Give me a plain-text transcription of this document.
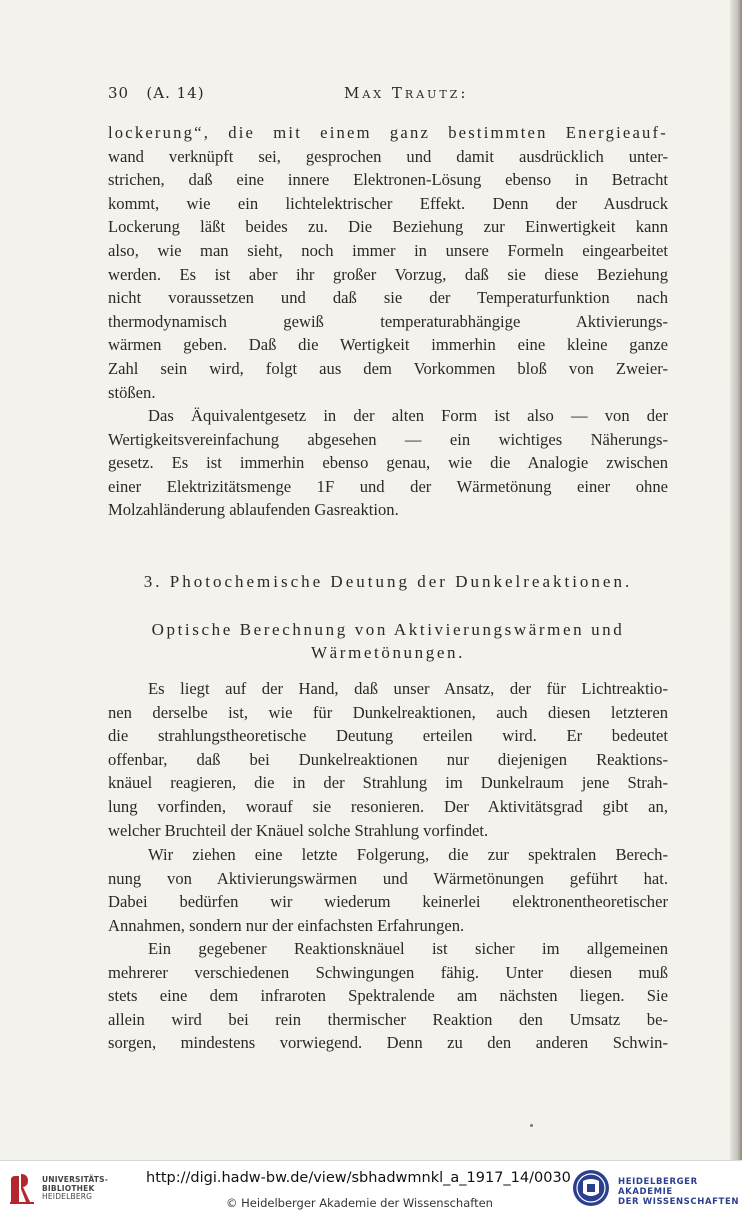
30 (A. 14)	Max Trautz:
lockerung“, die mit einem ganz bestimmten Energieauf-
wand verknüpft sei, gesprochen und damit ausdrücklich unter-
strichen, daß eine innere Elektronen-Lösung ebenso in Betracht
kommt, wie ein lichtelektrischer Effekt. Denn der Ausdruck
Lockerung läßt beides zu. Die Beziehung zur Einwertigkeit kann
also, wie man sieht, noch immer in unsere Formeln eingearbeitet
werden. Es ist aber ihr großer Vorzug, daß sie diese Beziehung
nicht voraussetzen und daß sie der Temperaturfunktion nach
thermodynamisch gewiß temperaturabhängige Aktivierungs-
wärmen geben. Daß die Wertigkeit immerhin eine kleine ganze
Zahl sein wird, folgt aus dem Vorkommen bloß von Zweier-
stößen.
Das Äquivalentgesetz in der alten Form ist also — von der
Wertigkeitsvereinfachung abgesehen — ein wichtiges Näherungs-
gesetz. Es ist immerhin ebenso genau, wie die Analogie zwischen
einer Elektrizitätsmenge 1F und der Wärmetönung einer ohne
Molzahländerung ablaufenden Gasreaktion.
3. Photochemische Deutung der Dunkelreaktionen.
Optische Berechnung von Aktivierungswärmen und
Wärmetönungen.
Es liegt auf der Hand, daß unser Ansatz, der für Lichtreaktio-
nen derselbe ist, wie für Dunkelreaktionen, auch diesen letzteren
die strahlungstheoretische Deutung erteilen wird. Er bedeutet
offenbar, daß bei Dunkelreaktionen nur diejenigen Reaktions-
knäuel reagieren, die in der Strahlung im Dunkelraum jene Strah-
lung vorfinden, worauf sie resonieren. Der Aktivitätsgrad gibt an,
welcher Bruchteil der Knäuel solche Strahlung vorfindet.
Wir ziehen eine letzte Folgerung, die zur spektralen Berech-
nung von Aktivierungswärmen und Wärmetönungen geführt hat.
Dabei bedürfen wir wiederum keinerlei elektronentheoretischer
Annahmen, sondern nur der einfachsten Erfahrungen.
Ein gegebener Reaktionsknäuel ist sicher im allgemeinen
mehrerer verschiedenen Schwingungen fähig. Unter diesen muß
stets eine dem infraroten Spektralende am nächsten liegen. Sie
allein wird bei rein thermischer Reaktion den Umsatz be-
sorgen, mindestens vorwiegend. Denn zu den anderen Schwin-
UNIVERSITÄTS-
BIBLIOTHEK
HEIDELBERG
http://digi.hadw-bw.de/view/sbhadwmnkl_a_1917_14/0030
© Heidelberger Akademie der Wissenschaften
HEIDELBERGER AKADEMIE
DER WISSENSCHAFTEN
